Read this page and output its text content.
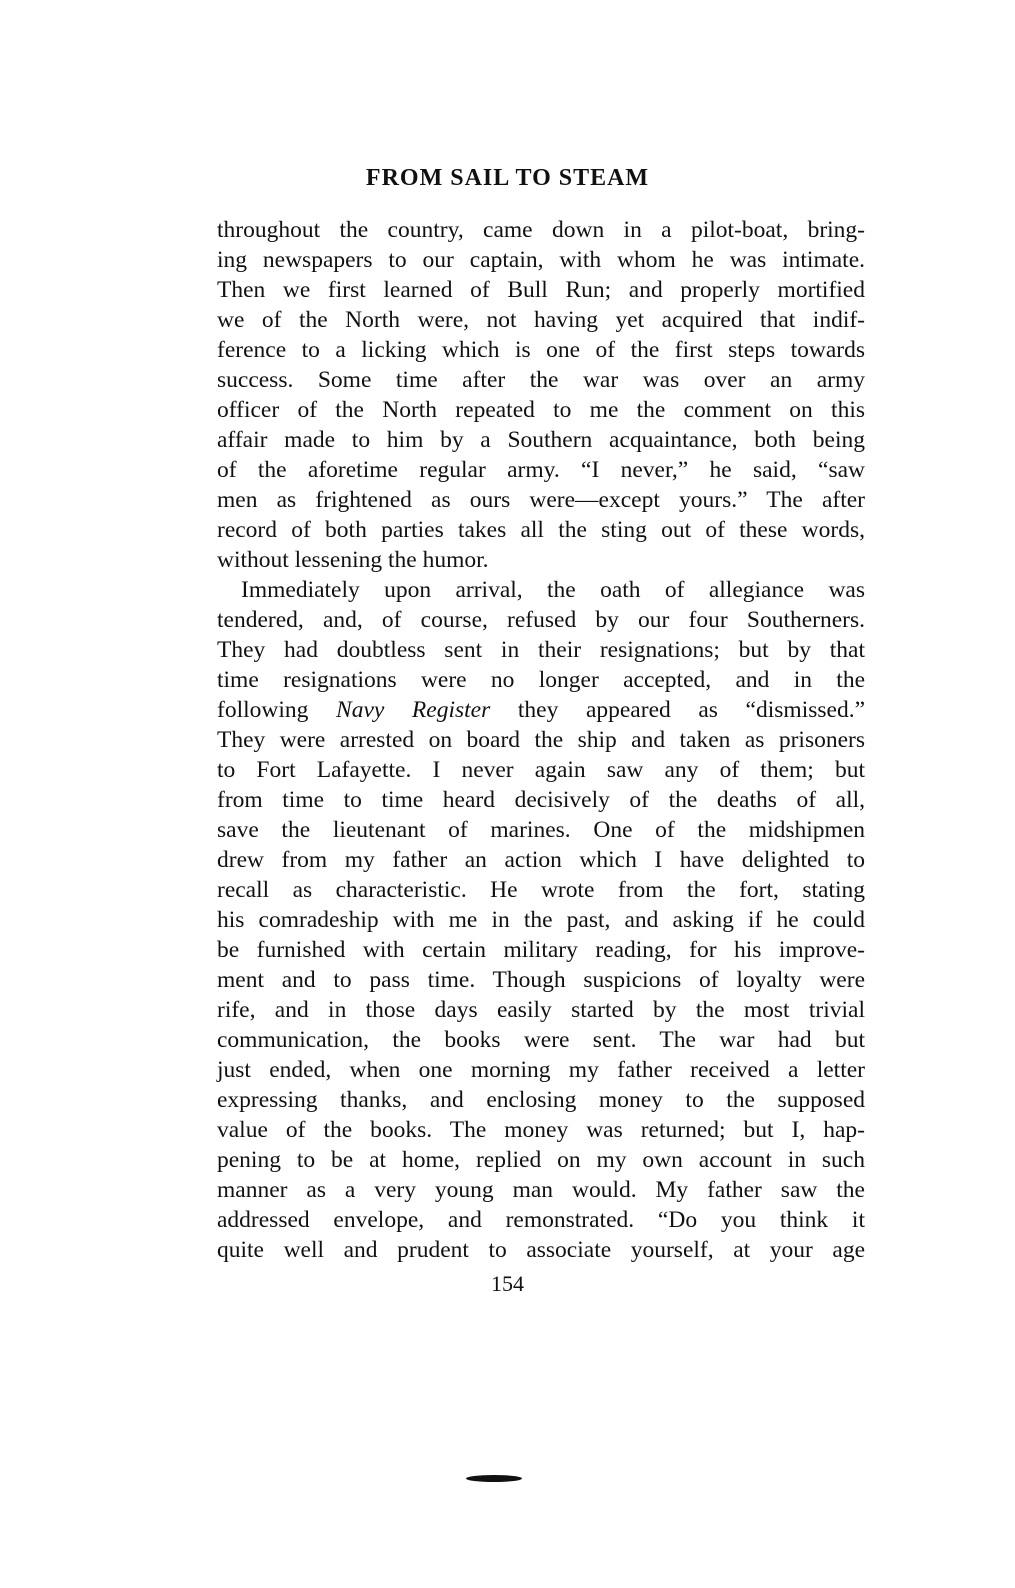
FROM SAIL TO STEAM
throughout the country, came down in a pilot-boat, bring-
ing newspapers to our captain, with whom he was intimate.
Then we first learned of Bull Run; and properly mortified
we of the North were, not having yet acquired that indif-
ference to a licking which is one of the first steps towards
success. Some time after the war was over an army
officer of the North repeated to me the comment on this
affair made to him by a Southern acquaintance, both being
of the aforetime regular army. “I never,” he said, “saw
men as frightened as ours were—except yours.” The after
record of both parties takes all the sting out of these words,
without lessening the humor.
Immediately upon arrival, the oath of allegiance was
tendered, and, of course, refused by our four Southerners.
They had doubtless sent in their resignations; but by that
time resignations were no longer accepted, and in the
following Navy Register they appeared as “dismissed.”
They were arrested on board the ship and taken as prisoners
to Fort Lafayette. I never again saw any of them; but
from time to time heard decisively of the deaths of all,
save the lieutenant of marines. One of the midshipmen
drew from my father an action which I have delighted to
recall as characteristic. He wrote from the fort, stating
his comradeship with me in the past, and asking if he could
be furnished with certain military reading, for his improve-
ment and to pass time. Though suspicions of loyalty were
rife, and in those days easily started by the most trivial
communication, the books were sent. The war had but
just ended, when one morning my father received a letter
expressing thanks, and enclosing money to the supposed
value of the books. The money was returned; but I, hap-
pening to be at home, replied on my own account in such
manner as a very young man would. My father saw the
addressed envelope, and remonstrated. “Do you think it
quite well and prudent to associate yourself, at your age
154
